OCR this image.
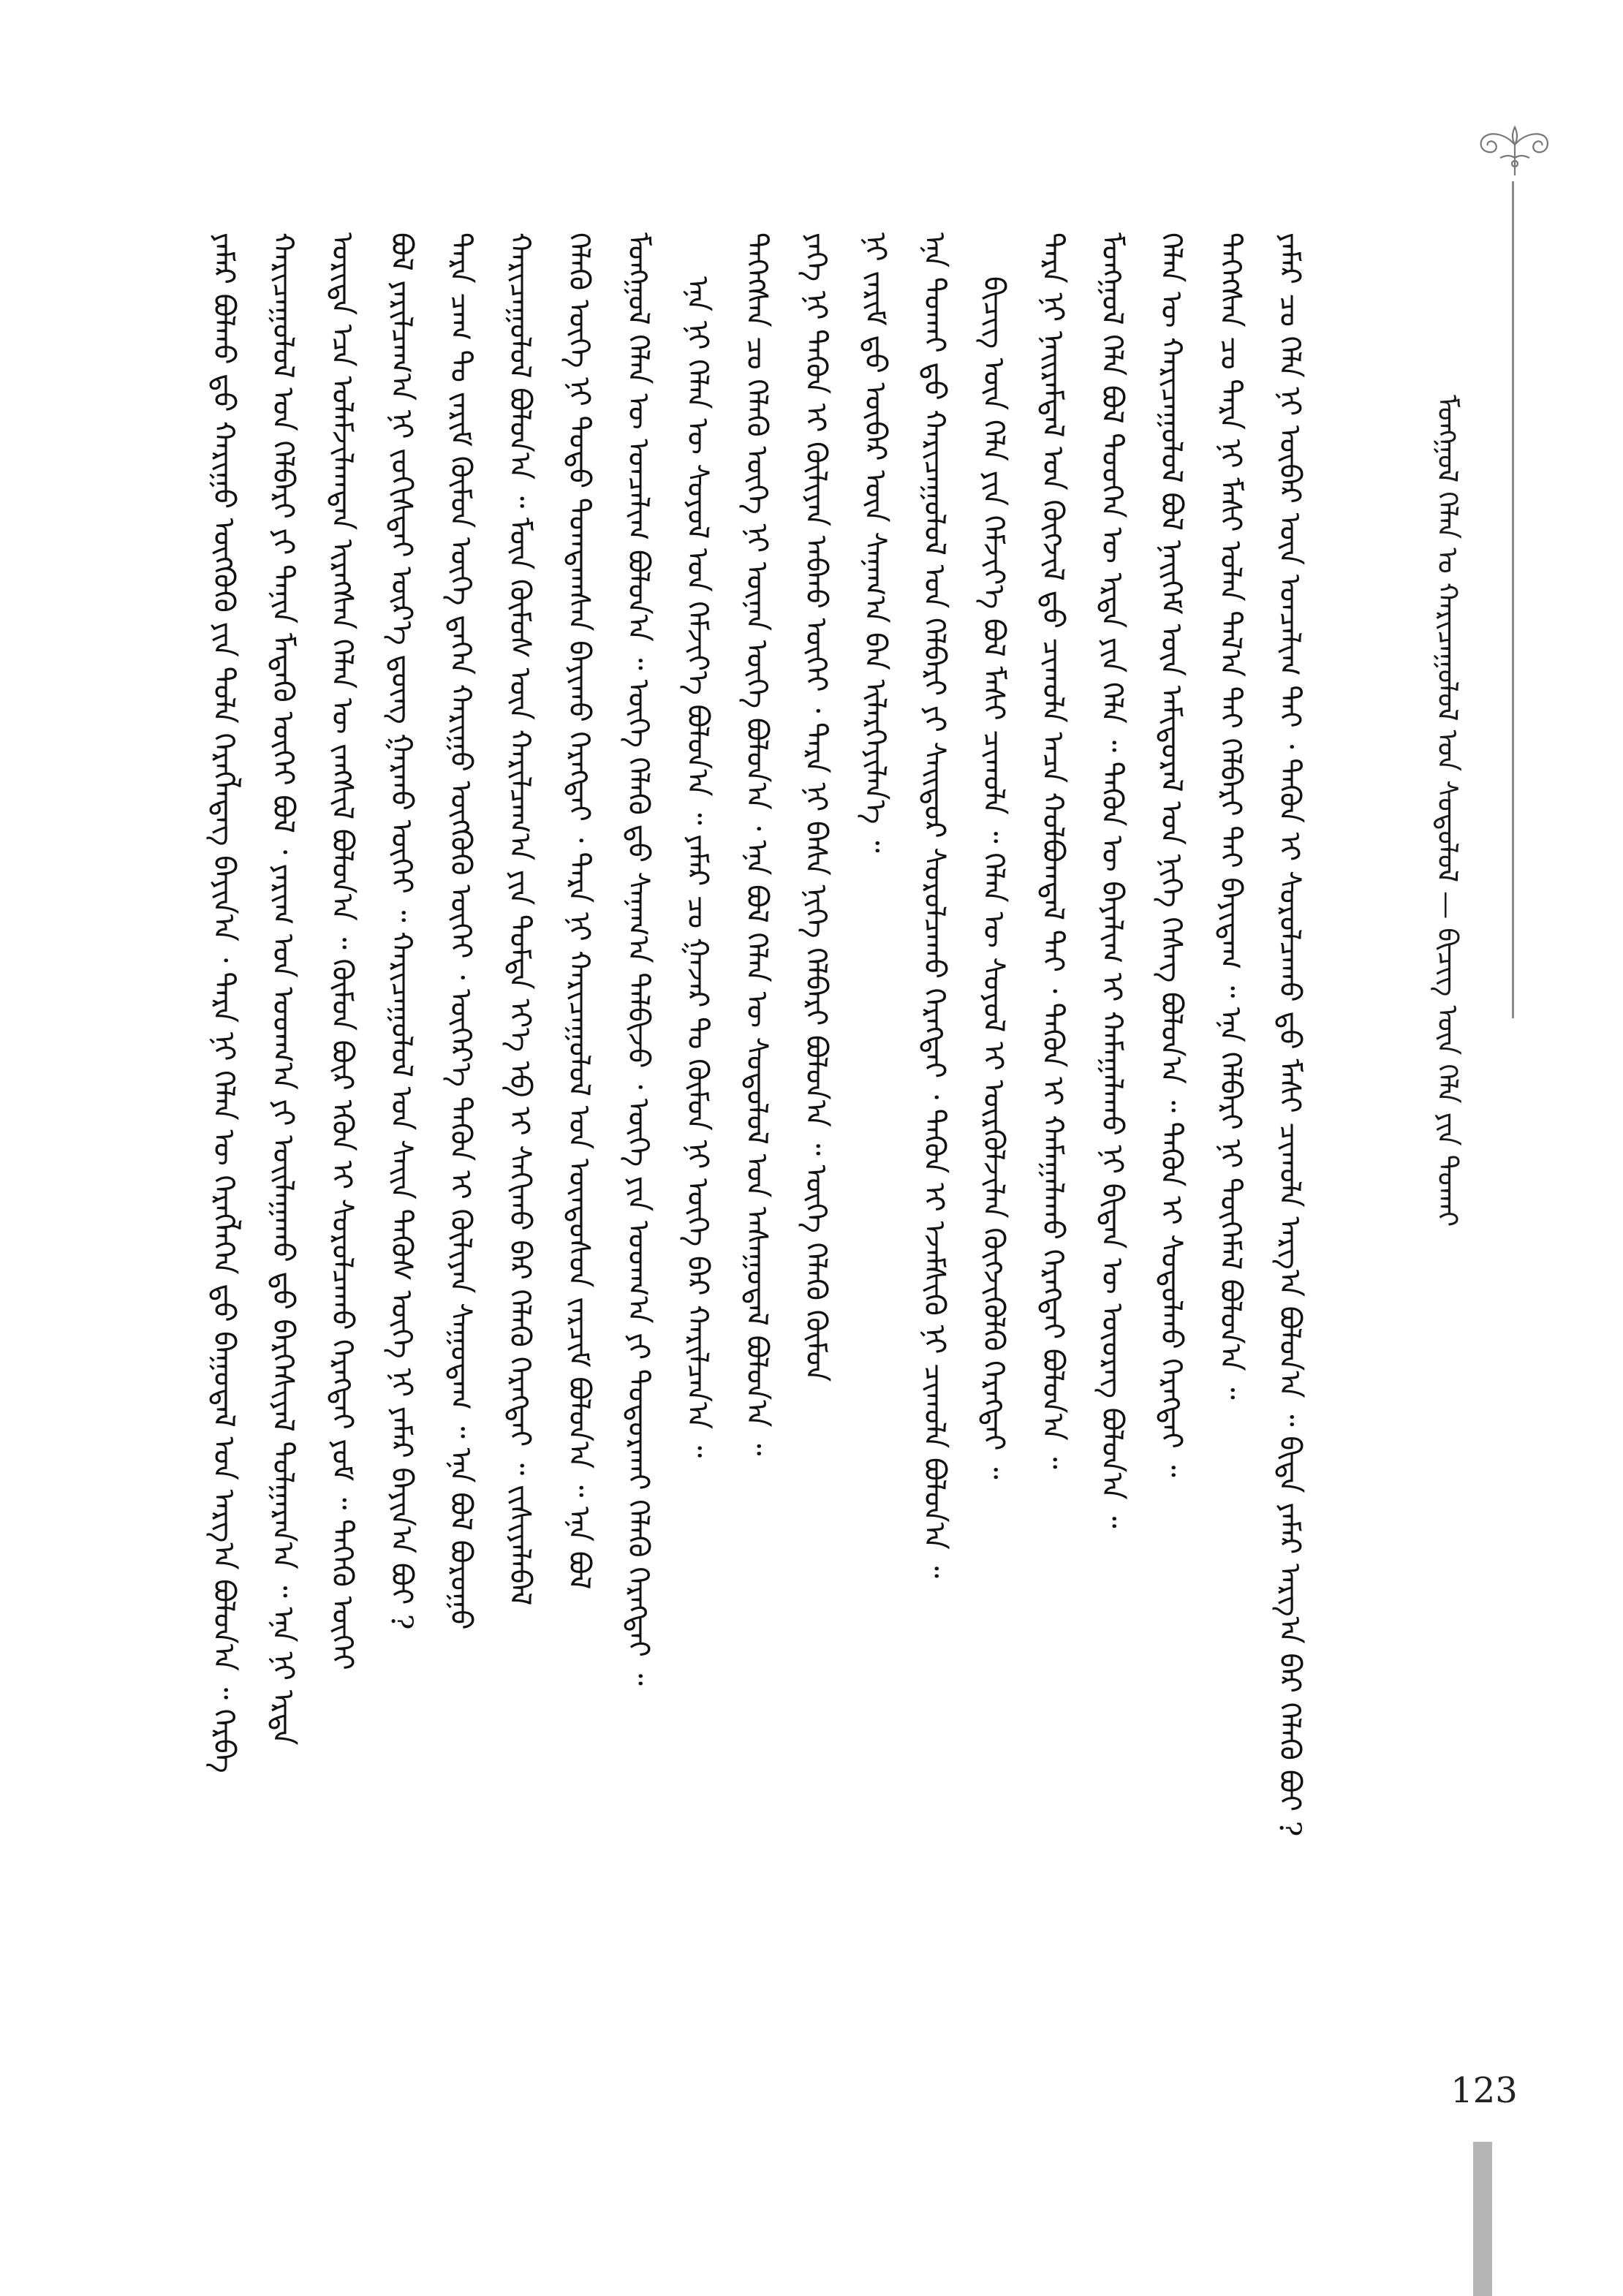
ᠮᠣᠩᠭᠣᠯ ᠬᠡᠯᠡᠨ ᠤ ᠬᠠᠷᠢᠴᠠᠭᠤᠯᠤᠯ ᠤᠨ ᠰᠤᠳᠤᠯᠤᠯ — ᠪᠢᠴᠢᠭ ᠦᠨ ᠬᠡᠯᠡ ᠶᠢᠨ ᠲᠤᠬᠠᠢ
ᠶᠠᠮᠠᠷ ᠪᠣᠯᠬᠤ ᠳ᠋ᠤ ᠬᠠᠷᠢᠭᠤ ᠦᠭᠭᠦᠬᠦ ᠶᠢᠨ ᠲᠤᠯᠠ ᠬᠡᠷᠡᠭᠯᠡᠳᠡᠭ ᠪᠠᠶᠢᠨ᠎ᠠ ᠂ ᠲᠡᠷᠡ ᠨᠢ ᠬᠡᠯᠡᠨ ᠦ ᠬᠡᠷᠡᠭᠯᠡᠭᠡᠨ ᠳ᠋ᠤ ᠪᠠᠭᠤᠳᠠᠯ ᠤᠨ ᠠᠷᠭ᠎ᠠ ᠪᠣᠯᠤᠨ᠎ᠠ ᠃ ᠬᠡᠷᠪᠡ ᠬᠠᠷᠢᠴᠠᠭᠤᠯᠤᠯ ᠤᠨ ᠬᠡᠯᠪᠡᠷᠢ ᠶᠢ ᠲᠠᠨᠢᠨ ᠮᠡᠳᠡᠬᠦ ᠦᠭᠡᠢ ᠪᠣᠯ ᠂ ᠶᠠᠷᠢᠭ ᠤᠨ ᠤᠳᠬ᠎ᠠ ᠶᠢ ᠣᠢᠯᠠᠭᠠᠬᠤ ᠳ᠋ᠤ ᠪᠡᠷᠬᠡᠰᠢᠶᠡᠯ ᠲᠤᠯᠭᠠᠷᠠᠨ᠎ᠠ ᠃ ᠡᠨᠡ ᠨᠢ ᠡᠷᠲᠡ ᠤᠷᠢᠳᠠ ᠡᠴᠡ ᠤᠯᠠᠮᠵᠢᠯᠠᠭᠳᠠᠨ ᠢᠷᠡᠭᠰᠡᠨ ᠬᠡᠯᠡᠨ ᠦ ᠵᠠᠩᠱᠢᠯ ᠪᠣᠯᠤᠨ᠎ᠠ ᠃ ᠬᠦᠮᠦᠨ ᠪᠦᠷ ᠡᠭᠦᠨ ᠢ ᠰᠤᠷᠤᠯᠴᠠᠬᠤ ᠬᠡᠷᠡᠭᠲᠡᠢ ᠶᠤᠮ ᠃ ᠲᠡᠭᠡᠬᠦ ᠦᠭᠡᠢ ᠪᠣᠯ ᠶᠠᠷᠢᠯᠴᠠᠭ᠎ᠠ ᠨᠢ ᠵᠣᠬᠢᠰᠲᠠᠢ ᠦᠷ᠎ᠡ ᠳ᠋ᠦᠩ ᠭᠠᠷᠬᠤ ᠦᠭᠡᠢ ᠃ ᠬᠠᠷᠢᠴᠠᠭᠤᠯᠤᠯ ᠤᠨ ᠰᠠᠢᠨ ᠲᠡᠭᠦᠰ ᠦᠭᠡ ᠨᠢ ᠶᠠᠮᠠᠷ ᠪᠠᠶᠢᠨ᠎ᠠ ᠪᠤᠢ ? ᠲᠡᠷᠡ ᠴᠠᠭ ᠲᠤ ᠵᠠᠷᠢᠮ ᠬᠦᠮᠦᠨ ᠦᠭᠡ ᠳ᠋ᠡᠭᠡᠨ ᠬᠠᠷᠢᠭᠤ ᠦᠭᠭᠦᠬᠦ ᠦᠭᠡᠢ ᠂ ᠥᠭᠡᠷ᠎ᠡ ᠲᠡᠭᠦᠨ ᠢ ᠬᠦᠯᠢᠶᠡᠨ ᠰᠠᠭᠤᠳᠠᠭ ᠃ ᠡᠨᠡ ᠪᠣᠯ ᠪᠤᠷᠤᠭᠤ ᠬᠠᠷᠢᠴᠠᠭᠤᠯᠤᠯ ᠪᠣᠯᠤᠨ᠎ᠠ ᠃ ᠮᠥᠨ ᠬᠦᠮᠦᠰ ᠦᠨ ᠬᠠᠷᠢᠯᠴᠠᠭ᠎ᠠ ᠶᠢᠨ ᠳᠤᠮᠳᠠ ᠡᠶ᠎ᠡ ᠡᠪ ᠢ ᠰᠠᠬᠢᠬᠤ ᠪᠠᠷ ᠬᠡᠯᠡᠬᠦ ᠬᠡᠷᠡᠭᠲᠡᠢ ᠃ ᠵᠢᠱᠢᠶᠡᠯᠡᠪᠡᠯ ᠬᠡᠯᠡᠬᠦ ᠦᠭᠡ ᠨᠢ ᠲᠣᠳᠣ ᠲᠣᠭᠲᠠᠭᠰᠠᠨ ᠪᠠᠶᠢᠬᠤ ᠬᠡᠷᠡᠭᠲᠡᠢ ᠂ ᠲᠡᠷᠡ ᠨᠢ ᠬᠠᠷᠢᠴᠠᠭᠤᠯᠤᠯ ᠤᠨ ᠦᠨᠳᠦᠰᠦᠨ ᠵᠠᠷᠴᠢᠮ ᠪᠣᠯᠤᠨ᠎ᠠ ᠃ ᠡᠨᠡ ᠪᠣᠯ ᠮᠣᠩᠭᠣᠯ ᠬᠡᠯᠡᠨ ᠦ ᠣᠨᠴᠠᠯᠢᠭ ᠪᠣᠯᠤᠨ᠎ᠠ ᠃ ᠦᠭᠡ ᠬᠡᠯᠡᠬᠦ ᠳ᠋ᠤ ᠰᠠᠨᠠᠭ᠎ᠠ ᠲᠠᠯᠪᠢᠵᠤ ᠂ ᠦᠭᠡ ᠶᠢᠨ ᠤᠳᠬ᠎ᠠ ᠶᠢ ᠲᠣᠳᠣᠷᠬᠠᠶ ᠬᠡᠯᠡᠬᠦ ᠬᠡᠷᠡᠭᠲᠡᠢ ᠃ ᠡᠨᠡ ᠨᠢ ᠬᠡᠯᠡᠨ ᠦ ᠰᠣᠶᠣᠯ ᠤᠨ ᠬᠡᠮᠵᠢᠶ᠎ᠡ ᠪᠣᠯᠤᠨ᠎ᠠ ᠃ ᠶᠠᠮᠠᠷ ᠴᠤ ᠭᠠᠵᠠᠷ ᠲᠤ ᠬᠦᠮᠦᠨ ᠨᠢ ᠦᠭᠡ ᠪᠡᠷ ᠬᠠᠷᠢᠯᠴᠠᠨ᠎ᠠ ᠃ ᠲᠡᠭᠡᠭᠰᠡᠨ ᠴᠤ ᠬᠡᠯᠡᠬᠦ ᠦᠭᠡ ᠨᠢ ᠦᠨᠡᠨ ᠦᠭᠡ ᠪᠣᠯᠤᠨ᠎ᠠ ᠂ ᠡᠨᠡ ᠪᠣᠯ ᠬᠡᠯᠡᠨ ᠦ ᠰᠤᠳᠤᠯᠤᠯ ᠤᠨ ᠠᠰᠠᠭᠤᠳᠠᠯ ᠪᠣᠯᠤᠨ᠎ᠠ ᠃ ᠶᠡᠬᠡ ᠨᠢ ᠲᠡᠭᠦᠨ ᠢ ᠬᠦᠯᠢᠶᠡᠨ ᠠᠪᠬᠤ ᠦᠭᠡᠢ ᠂ ᠲᠡᠷᠡ ᠨᠢ ᠪᠠᠰᠠ ᠨᠢᠭᠡ ᠬᠡᠯᠪᠡᠷᠢ ᠪᠣᠯᠤᠨ᠎ᠠ ᠃ ᠦᠭᠡ ᠬᠡᠯᠡᠬᠦ ᠬᠦᠮᠦᠨ ᠨᠢ ᠵᠠᠷᠢᠮ ᠳ᠋ᠤ ᠥᠪᠡᠷ ᠦᠨ ᠰᠠᠨᠠᠭ᠎ᠠ ᠪᠠᠨ ᠢᠯᠡᠷᠬᠡᠶᠢᠯᠡᠨ᠎ᠡ ᠃ ᠡᠨᠡ ᠲᠤᠬᠠᠢ ᠳ᠋ᠤ ᠬᠠᠷᠢᠴᠠᠭᠤᠯᠤᠯ ᠤᠨ ᠬᠡᠯᠪᠡᠷᠢ ᠶᠢ ᠰᠠᠢᠲᠤᠷ ᠰᠤᠷᠤᠯᠴᠠᠬᠤ ᠬᠡᠷᠡᠭᠲᠡᠢ ᠂ ᠲᠡᠭᠦᠨ ᠢ ᠡᠵᠡᠮᠰᠢᠬᠦ ᠨᠢ ᠴᠢᠬᠤᠯᠠ ᠪᠣᠯᠤᠨ᠎ᠠ ᠃ ᠪᠢᠴᠢᠭ ᠦᠨ ᠬᠡᠯᠡ ᠶᠢᠨ ᠬᠡᠮᠵᠢᠶ᠎ᠡ ᠪᠣᠯ ᠮᠠᠰᠢ ᠴᠢᠬᠤᠯᠠ ᠃ ᠬᠡᠯᠡᠨ ᠦ ᠰᠣᠶᠣᠯ ᠢ ᠦᠷᠭᠦᠯᠵᠢᠯᠡᠨ ᠬᠥᠭᠵᠢᠭᠦᠯᠬᠦ ᠬᠡᠷᠡᠭᠲᠡᠢ ᠃ ᠲᠡᠷᠡ ᠨᠢ ᠨᠠᠢᠷᠠᠮᠳᠠᠯ ᠤᠨ ᠬᠥᠭᠵᠢᠯ ᠳ᠋ᠤ ᠴᠢᠬᠤᠯᠠ ᠠᠴᠠ ᠬᠣᠯᠪᠣᠭᠳᠠᠯ ᠲᠠᠢ ᠂ ᠲᠡᠭᠦᠨ ᠢ ᠬᠠᠮᠠᠭᠠᠯᠠᠬᠤ ᠬᠡᠷᠡᠭᠲᠡᠢ ᠪᠣᠯᠤᠨ᠎ᠠ ᠃ ᠮᠣᠩᠭᠣᠯ ᠬᠡᠯᠡ ᠪᠣᠯ ᠲᠤᠦᠬᠡᠨ ᠦ ᠡᠷᠲᠡ ᠶᠢᠨ ᠬᠡᠯᠡ ᠃ ᠲᠡᠭᠦᠨ ᠦ ᠪᠠᠶᠠᠯᠢᠭ ᠢ ᠬᠠᠮᠠᠭᠠᠯᠠᠬᠤ ᠨᠢ ᠪᠢᠳᠡᠨ ᠦ ᠦᠦᠷᠡᠭ ᠪᠣᠯᠤᠨ᠎ᠠ ᠃ ᠬᠡᠯᠡᠨ ᠦ ᠬᠠᠷᠢᠴᠠᠭᠤᠯᠤᠯ ᠪᠣᠯ ᠨᠡᠢᠭᠡᠮ ᠦᠨ ᠠᠮᠢᠳᠤᠷᠠᠯ ᠤᠨ ᠨᠢᠭᠡ ᠬᠡᠰᠡᠭ ᠪᠣᠯᠤᠨ᠎ᠠ ᠃ ᠲᠡᠭᠦᠨ ᠢ ᠰᠤᠳᠤᠯᠬᠤ ᠬᠡᠷᠡᠭᠲᠡᠢ ᠃ ᠲᠡᠭᠡᠭᠰᠡᠨ ᠴᠤ ᠲᠡᠷᠡ ᠨᠢ ᠮᠠᠰᠢ ᠣᠯᠠᠨ ᠲᠠᠯ᠎ᠠ ᠲᠠᠢ ᠬᠡᠯᠪᠡᠷᠢ ᠲᠠᠢ ᠪᠠᠶᠢᠳᠠᠭ ᠃ ᠡᠨᠡ ᠬᠡᠯᠪᠡᠷᠢ ᠨᠢ ᠲᠦᠭᠡᠮᠡᠯ ᠪᠣᠯᠤᠨ᠎ᠠ ᠃ ᠶᠠᠮᠠᠷ ᠴᠤ ᠬᠡᠯᠡ ᠨᠢ ᠥᠪᠡᠷ ᠦᠨ ᠣᠨᠴᠠᠯᠢᠭ ᠲᠠᠢ ᠂ ᠲᠡᠭᠦᠨ ᠢ ᠰᠤᠷᠤᠯᠴᠠᠬᠤ ᠳ᠋ᠤ ᠮᠠᠰᠢ ᠴᠢᠬᠤᠯᠠ ᠠᠷᠭ᠎ᠠ ᠪᠣᠯᠤᠨ᠎ᠠ ᠃ ᠪᠢᠳᠡ ᠶᠠᠮᠠᠷ ᠠᠷᠭ᠎ᠠ ᠪᠡᠷ ᠬᠡᠯᠡᠬᠦ ᠪᠣᠢ ?
123
